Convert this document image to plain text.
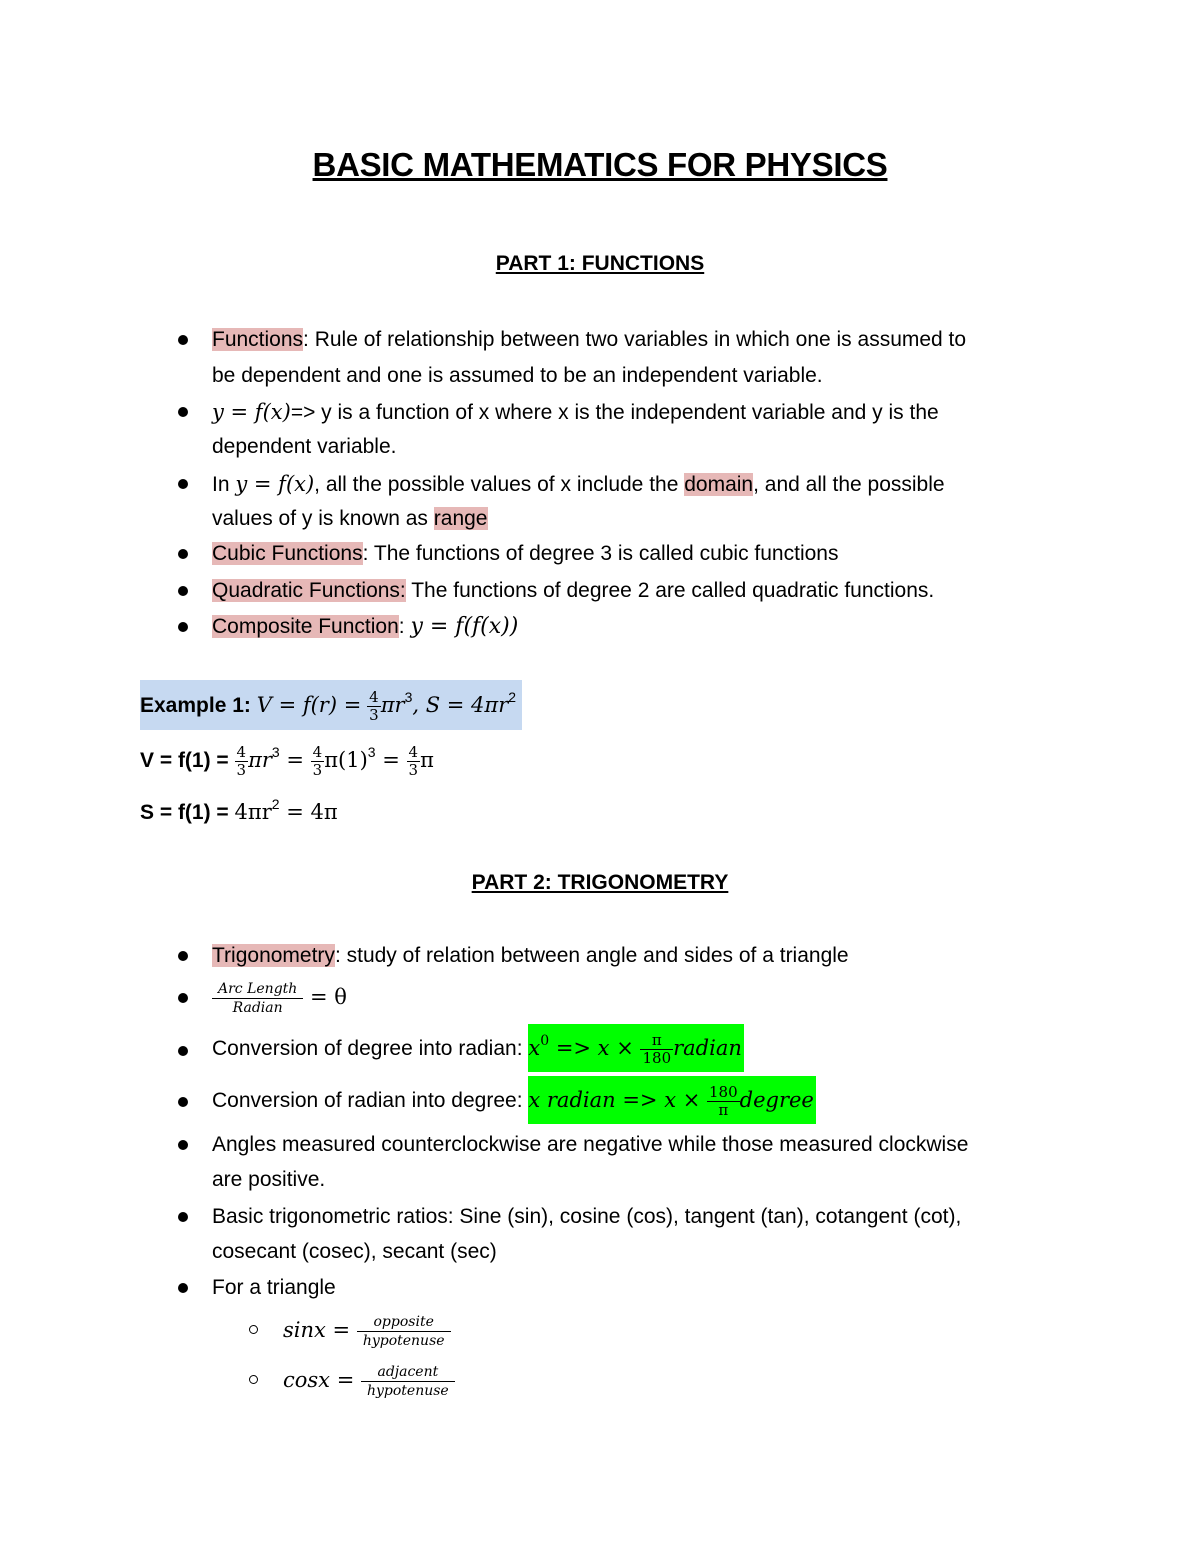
BASIC MATHEMATICS FOR PHYSICS
PART 1: FUNCTIONS
Functions: Rule of relationship between two variables in which one is assumed to
be dependent and one is assumed to be an independent variable.
y = f(x)=> y is a function of x where x is the independent variable and y is the
dependent variable.
In y = f(x), all the possible values of x include the domain, and all the possible
values of y is known as range
Cubic Functions: The functions of degree 3 is called cubic functions
Quadratic Functions: The functions of degree 2 are called quadratic functions.
Composite Function: y = f(f(x))
Example 1: $V = f(r) = \frac{4}{3} \pi r^3$, $S = 4\pi r^2$
$V = f(1) = \frac{4}{3} \pi r^3 = \frac{4}{3} \pi(1)^3 = \frac{4}{3}$ π
$S = f(1) = 4\pi r^2 = 4\pi$
PART 2: TRIGONOMETRY
Trigonometry: study of relation between angle and sides of a triangle
$\frac{\text{Arc Length}}{\text{Radian}} = \theta$
Conversion of degree into radian: $x^0 => x \times \frac{\pi}{180}$ radian
Conversion of radian into degree: x radian => $x \times \frac{180}{\pi}$ degree
Angles measured counterclockwise are negative while those measured clockwise
are positive.
Basic trigonometric ratios: Sine (sin), cosine (cos), tangent (tan), cotangent (cot),
cosecant (cosec), secant (sec)
For a triangle
$\sin x = \frac{\text{opposite}}{\text{hypotenuse}}$
$\cos x = \frac{\text{adjacent}}{\text{hypotenuse}}$
